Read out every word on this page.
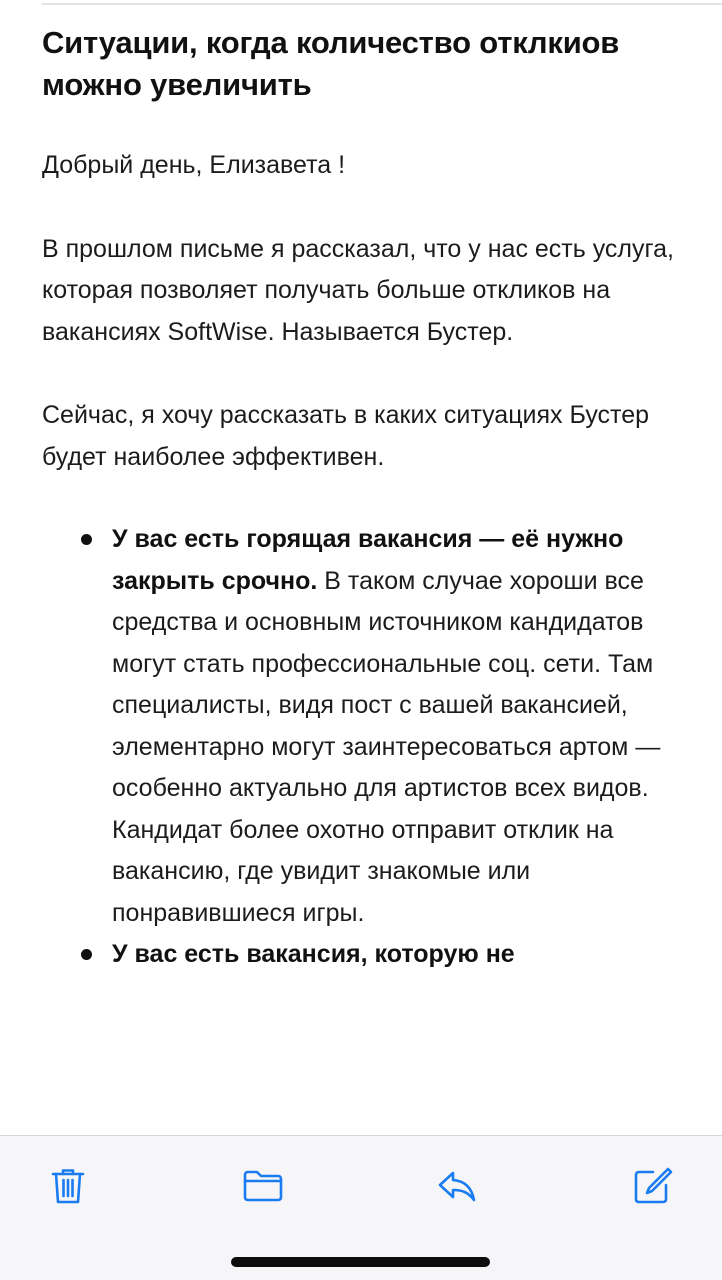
Ситуации, когда количество отклкиов можно увеличить

Добрый день, Елизавета !

В прошлом письме я рассказал, что у нас есть услуга, которая позволяет получать больше откликов на вакансиях SoftWise. Называется Бустер.

Сейчас, я хочу рассказать в каких ситуациях Бустер будет наиболее эффективен.

У вас есть горящая вакансия — её нужно закрыть срочно. В таком случае хороши все средства и основным источником кандидатов могут стать профессиональные соц. сети. Там специалисты, видя пост с вашей вакансией, элементарно могут заинтересоваться артом — особенно актуально для артистов всех видов. Кандидат более охотно отправит отклик на вакансию, где увидит знакомые или понравившиеся игры.
У вас есть вакансия, которую не
